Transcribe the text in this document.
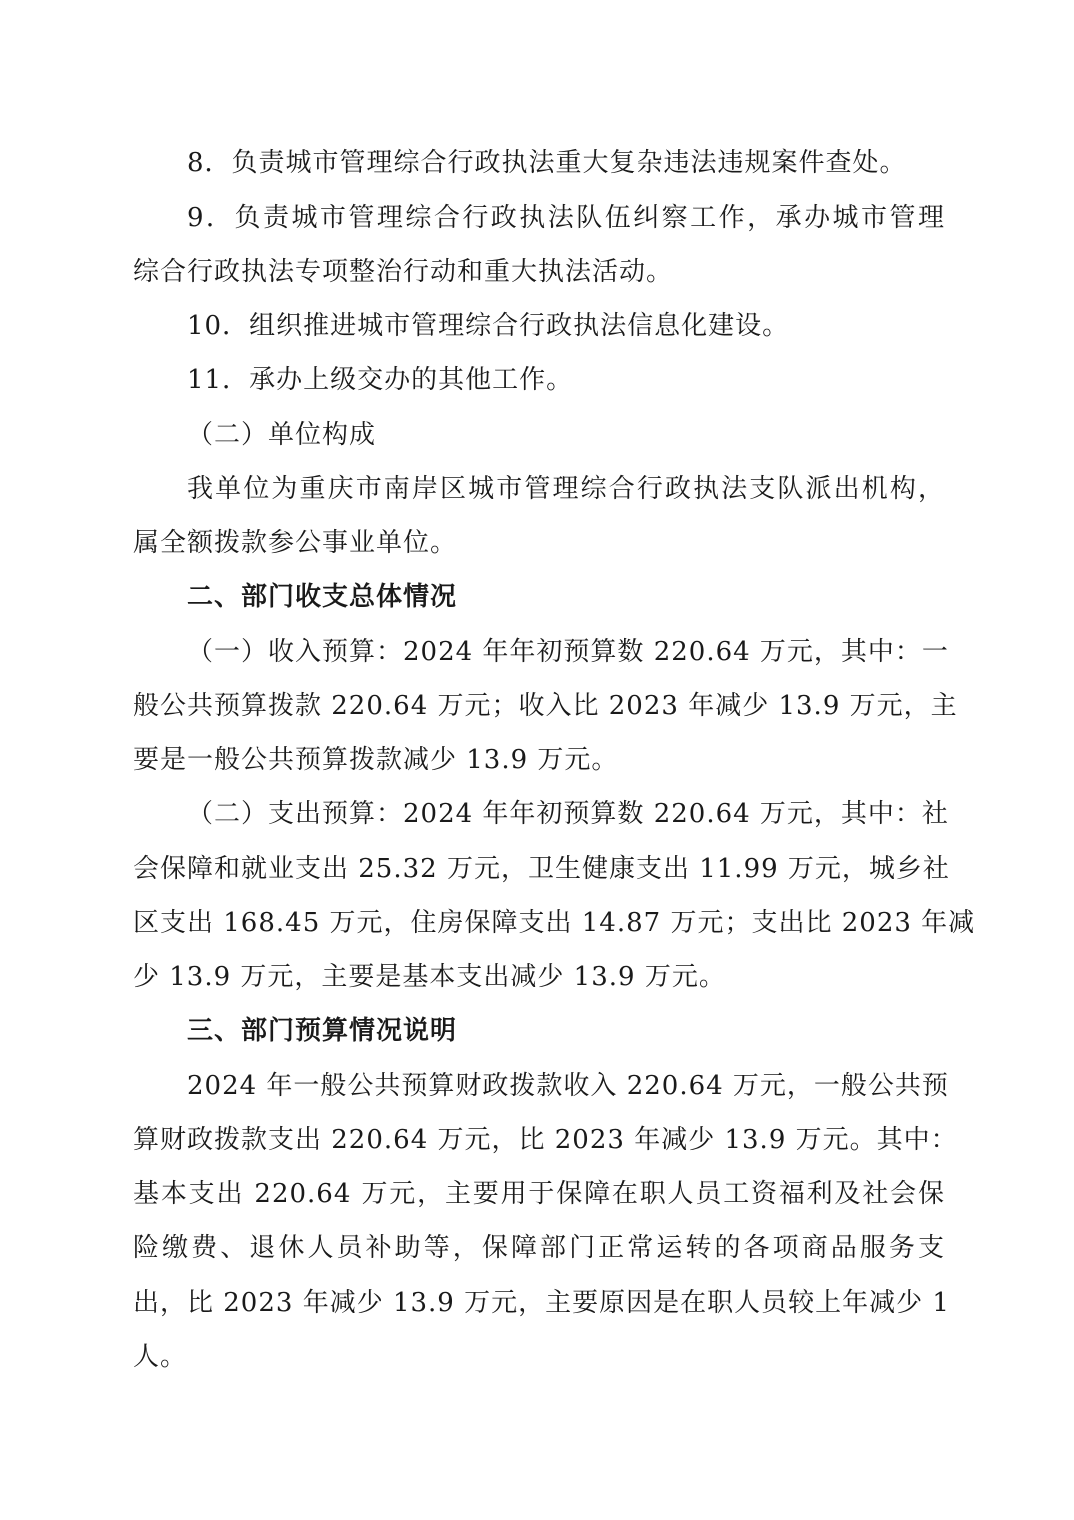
8．负责城市管理综合行政执法重大复杂违法违规案件查处。
9．负责城市管理综合行政执法队伍纠察工作，承办城市管理
综合行政执法专项整治行动和重大执法活动。
10．组织推进城市管理综合行政执法信息化建设。
11．承办上级交办的其他工作。
（二）单位构成
我单位为重庆市南岸区城市管理综合行政执法支队派出机构，
属全额拨款参公事业单位。
二、部门收支总体情况
（一）收入预算：2024 年年初预算数 220.64 万元，其中：一
般公共预算拨款 220.64 万元；收入比 2023 年减少 13.9 万元，主
要是一般公共预算拨款减少 13.9 万元。
（二）支出预算：2024 年年初预算数 220.64 万元，其中：社
会保障和就业支出 25.32 万元，卫生健康支出 11.99 万元，城乡社
区支出 168.45 万元，住房保障支出 14.87 万元；支出比 2023 年减
少 13.9 万元，主要是基本支出减少 13.9 万元。
三、部门预算情况说明
2024 年一般公共预算财政拨款收入 220.64 万元，一般公共预
算财政拨款支出 220.64 万元，比 2023 年减少 13.9 万元。其中：
基本支出 220.64 万元，主要用于保障在职人员工资福利及社会保
险缴费、退休人员补助等，保障部门正常运转的各项商品服务支
出，比 2023 年减少 13.9 万元，主要原因是在职人员较上年减少 1
人。
